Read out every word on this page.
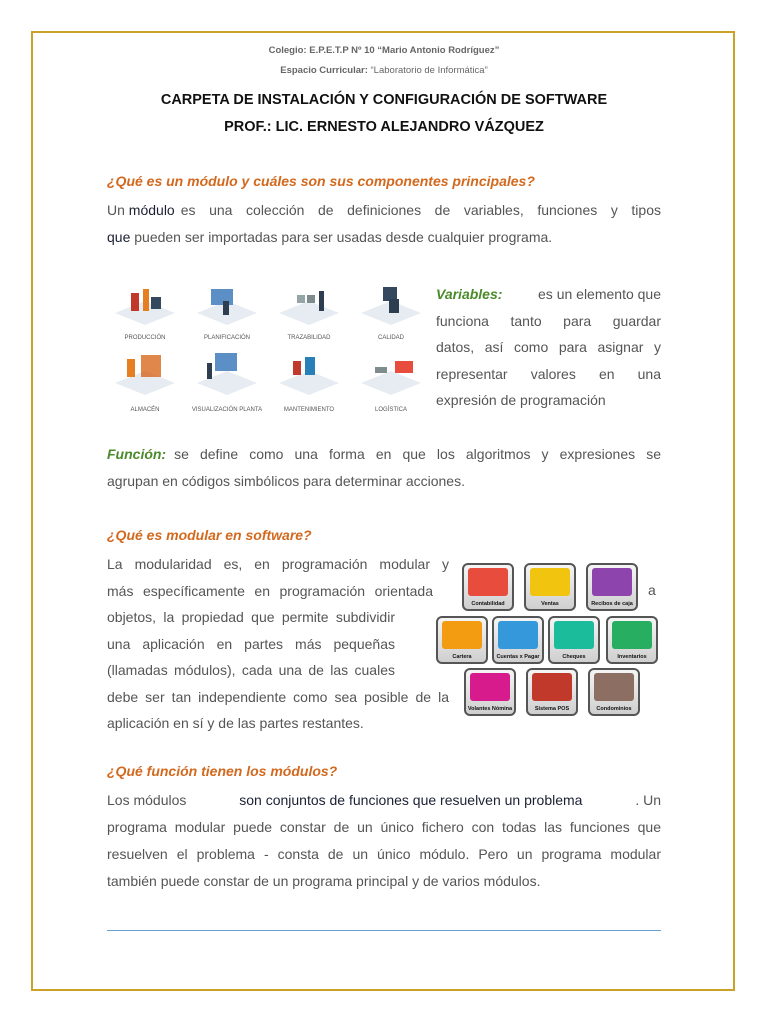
Colegio: E.P.E.T.P Nº 10 “Mario Antonio Rodríguez”
Espacio Curricular: “Laboratorio de Informática”
CARPETA DE INSTALACIÓN Y CONFIGURACIÓN DE SOFTWARE
PROF.: LIC. ERNESTO ALEJANDRO VÁZQUEZ
¿Qué es un módulo y cuáles son sus componentes principales?
Un módulo es una colección de definiciones de variables, funciones y tipos
que pueden ser importadas para ser usadas desde cualquier programa.
PRODUCCIÓN	PLANIFICACIÓN	TRAZABILIDAD	CALIDAD
ALMACÉN	VISUALIZACIÓN PLANTA	MANTENIMIENTO	LOGÍSTICA
Variables:	es un elemento que
funciona tanto para guardar
datos, así como para asignar y
representar valores en una
expresión de programación
Función: se define como una forma en que los algoritmos y expresiones se
agrupan en códigos simbólicos para determinar acciones.
¿Qué es modular en software?
La modularidad es, en programación modular y
más específicamente en programación orientada
objetos, la propiedad que permite subdividir
una aplicación en partes más pequeñas
(llamadas módulos), cada una de las cuales
debe ser tan independiente como sea posible de la
aplicación en sí y de las partes restantes.
a
Contabilidad	Ventas	Recibos de caja
Cartera	Cuentas x Pagar	Cheques	Inventarios
Volantes Nómina	Sistema POS	Condominios
¿Qué función tienen los módulos?
Los módulos	son conjuntos de funciones que resuelven un problema	. Un
programa modular puede constar de un único fichero con todas las funciones que
resuelven el problema - consta de un único módulo. Pero un programa modular
también puede constar de un programa principal y de varios módulos.
